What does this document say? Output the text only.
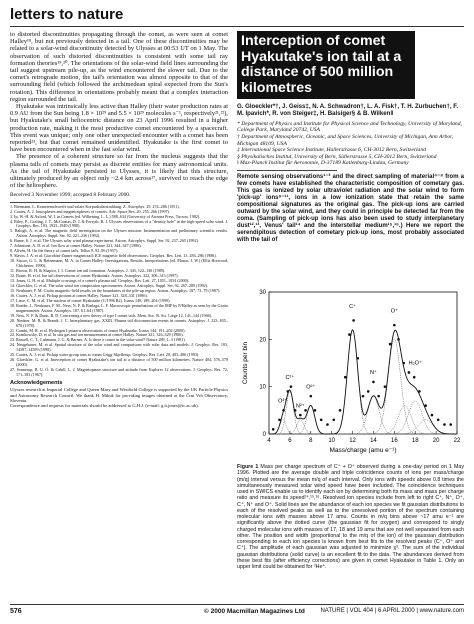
letters to nature

to distorted discontinuities propagating through the comet, as were seen at comet Halley¹⁸, but not previously detected in a tail. One of these discontinuities may be related to a solar-wind discontinuity detected by Ulysses at 00:53 UT on 1 May. The observation of such distorted discontinuities is consistent with some tail ray formation theories¹⁹,²⁰. The orientations of the solar-wind field lines surrounding the tail suggest upstream pile-up, as the wind encountered the slower tail. Due to the comet's retrograde motion, the tail's orientation was almost opposite to that of the surrounding field (which followed the archimedean spiral expected from the Sun's rotation). This difference in orientations probably meant that a complex interaction region surrounded the tail.

Hyakutake was intrinsically less active than Halley (their water production rates at 0.9 AU from the Sun being 1.8 × 10²⁹ and 5.5 × 10²⁹ molecules s⁻¹, respectively²¹,²²), but Hyakutake's small heliocentric distance on 23 April 1996 resulted in a higher production rate, making it the most productive comet encountered by a spacecraft. This event was unique; only one other unexpected encounter with a comet has been reported²³, but that comet remained unidentified. Hyakutake is the first comet to have been encountered when in the fast solar wind.

The presence of a coherent structure so far from the nucleus suggests that the plasma tails of comets may persist as discrete entities for many astronomical units. As the tail of Hyakutake persisted to Ulysses, it is likely that this structure, ultimately produced by an object only ~2.4 km across¹⁷, survived to reach the edge of the heliosphere.

Received 3 November 1999; accepted 8 February 2000.
1. Biermann, L. Kometenschweife und solare Korpuskularstrahlung. Z. Astrophys. 29, 274–286 (1951).
2. Coates, A. J. Ionospheres and magnetospheres of comets. Adv. Space Res. 20, 255–266 (1997).
3. Ip, W.-H. & Axford, W. I. in Comets (ed. Wilkening, L. L.) 588–634 (University of Arizona Press, Tucson, 1982).
4. Riley, P., Gosling, J. T., McComas, D. J. & Forsyth, R. J. Ulysses observations of a "density hole" in the high-speed solar wind. J. Geophys. Res. 103, 1933–1940 (1998).
5. Balogh, A. et al. The magnetic field investigation on the Ulysses mission: Instrumentation and preliminary scientific results. Astron. Astrophys. Suppl. Ser. 92, 221–236 (1992).
6. Bame, S. J. et al. The Ulysses solar wind plasma experiment. Astron. Astrophys. Suppl. Ser. 92, 237–265 (1992).
7. Johnstone, A. D. et al. Ion flow at comet Halley. Nature 321, 344–347 (1986).
8. Alfvén, H. On the theory of comet tails. Tellus 9, 92–96 (1957).
9. Slavin, J. A. et al. Giacobini-Zinner magnetotail: ICE magnetic field observations. Geophys. Res. Lett. 13, 283–286 (1986).
10. Siscoe, G. L. & Heinemann, M. A. in Comet Halley: Investigations, Results, Interpretations (ed. Mason, J. W.) (Ellis Horwood, Chichester, 1990).
11. Brown, R. H. & Shapiro, I. I. Comet ion tail formation. Astrophys. J. 345, 122–130 (1989).
12. Rauer, H. et al. Ion tail observations of comet Hyakutake. Astron. Astrophys. 322, 306–315 (1997).
13. Jones, G. H. et al. Multiple crossings of a comet's plasma tail. Geophys. Res. Lett. 27, 1051–1054 (2000).
14. Gloeckler, G. et al. The solar wind ion composition spectrometer. Astron. Astrophys. Suppl. Ser. 92, 267–289 (1992).
15. Neubauer, F. M. Giotto magnetic-field results on the boundaries of the pile-up region. Astron. Astrophys. 187, 73–79 (1987).
16. Coates, A. J. et al. Pickup protons at comet Halley. Nature 321, 328–331 (1986).
17. Lisse, C. M. et al. The nucleus of comet Hyakutake (C/1996 B2). Icarus 140, 189–204 (1999).
18. Raeder, J., Neubauer, F. M., Ness, N. F. & Burlaga, L. F. Macroscopic perturbations of the IMF by P/Halley as seen by the Giotto magnetometer. Astron. Astrophys. 187, 61–64 (1987).
19. Ness, N. F. & Donn, B. D. Concerning a new theory of type I comet tails. Mem. Soc. R. Sci. Liège 12, 141–144 (1966).
20. Niedner, M. B. & Brandt, J. C. Interplanetary gas. XXIII. Plasma tail disconnection events in comets. Astrophys. J. 223, 655–670 (1978).
21. Combi, M. R. et al. Hydrogen Lyman-α observations of comet Hyakutake. Icarus 144, 191–202 (2000).
22. Krankowsky, D. et al. In situ gas and ion measurements at comet Halley. Nature 321, 326–329 (1986).
23. Russell, C. T., Luhmann, J. G. & Barnes, A. Is there a comet in the solar wind? Nature 289, 1–3 (1981).
24. Neugebauer, M. et al. Spatial structure of the solar wind and comparisons with solar data and models. J. Geophys. Res. 103, 14587–14599 (1998).
25. Coates, A. J. et al. Pickup water group ions at comet Grigg-Skjellerup. Geophys. Res. Lett. 20, 483–486 (1993).
26. Gloeckler, G. et al. Interception of comet Hyakutake's ion tail at a distance of 500 million kilometres. Nature 404, 576–578 (2000).
27. Sonnerup, B. U. Ö. & Cahill, L. J. Magnetopause structure and attitude from Explorer 12 observations. J. Geophys. Res. 72, 171–183 (1967).
Acknowledgements
Ulysses research at Imperial College and Queen Mary and Westfield College is supported by the UK Particle Physics and Astronomy Research Council. We thank H. Mikuž for providing images obtained at the Črni Vrh Observatory, Slovenia.
Correspondence and requests for materials should be addressed to G.H.J. (e-mail: g.h.jones@ic.ac.uk).
Interception of comet Hyakutake's ion tail at a distance of 500 million kilometres
G. Gloeckler*†, J. Geiss‡, N. A. Schwadron†, L. A. Fisk†, T. H. Zurbuchen†, F. M. Ipavich*, R. von Steiger‡, H. Balsiger§ & B. Wilken‖
* Department of Physics and Institute for Physical Science and Technology, University of Maryland, College Park, Maryland 20742, USA
† Department of Atmospheric, Oceanic, and Space Sciences, University of Michigan, Ann Arbor, Michigan 48109, USA
‡ International Space Science Institute, Hallerstrasse 6, CH-3012 Bern, Switzerland
§ Physikalisches Institut, University of Bern, Sidlerstrasse 5, CH-3012 Bern, Switzerland
‖ Max-Planck Institut für Aeronomie, D-37189 Katlenburg-Lindau, Germany
Remote sensing observations¹⁻³ and the direct sampling of material⁴⁻⁸ from a few comets have established the characteristic composition of cometary gas. This gas is ionized by solar ultraviolet radiation and the solar wind to form 'pick-up' ions⁹⁻¹¹, ions in a low ionization state that retain the same compositional signatures as the original gas. The pick-up ions are carried outward by the solar wind, and they could in principle be detected far from the coma. (Sampling of pick-up ions has also been used to study interplanetary dust¹²,¹³, Venus' tail¹⁴ and the interstellar medium¹⁵,¹⁶.) Here we report the serendipitous detection of cometary pick-up ions, most probably associated with the tail of
4	6	8	10 12 14 16 18 20 22
0
10
20
30
Mass/charge (amu e⁻¹)
Counts per bin	C²⁺
O³⁺
N²⁺
O²⁺
C⁺
N⁺
O⁺
H₂O⁺
Figure 1 Mass per charge spectrum of C⁺ + O⁺ observed during a one-day period on 1 May 1996. Plotted are the average double and triple coincidence counts of ions per mass/charge (m/q) interval versus the mean m/q of each interval. Only ions with speeds above 0.8 times the simultaneously measured solar wind speed have been included. The coincidence techniques used in SWICS enable us to identify each ion by determining both its mass and mass per charge ratio and measure its speed¹⁴,¹⁵,¹⁶. Resolved ion species include from left to right C⁺, N⁺, O⁺, C⁺, N⁺ and O⁺. Solid lines are the abundance of each ion species we fit gaussian distributions to each of the resolved peaks as well as to the unresolved portion of the spectrum containing molecular ions with masses above 17 amu. Counts in m/q bins above ~17 amu e⁻¹ are significantly above the dotted curve (the gaussian fit for oxygen) and correspond to singly charged molecular ions with masses of 17, 18 and 19 amu that are not well separated from each other. The position and width (proportional to the m/q of the ion) of the gaussian distribution corresponding to each ion species is known from best fits to the resolved peaks (C⁺, O⁺ and C⁺). The amplitude of each gaussian was adjusted to minimize χ². The sum of the individual gaussian distributions (solid curve) is an excellent fit to the data. The abundances derived from these best fits (after efficiency corrections) are given in comet Hyakutake in Table 1. Only an upper limit could be obtained for ³He⁺.
576	© 2000 Macmillan Magazines Ltd	NATURE | VOL 404 | 6 APRIL 2000 | www.nature.com
